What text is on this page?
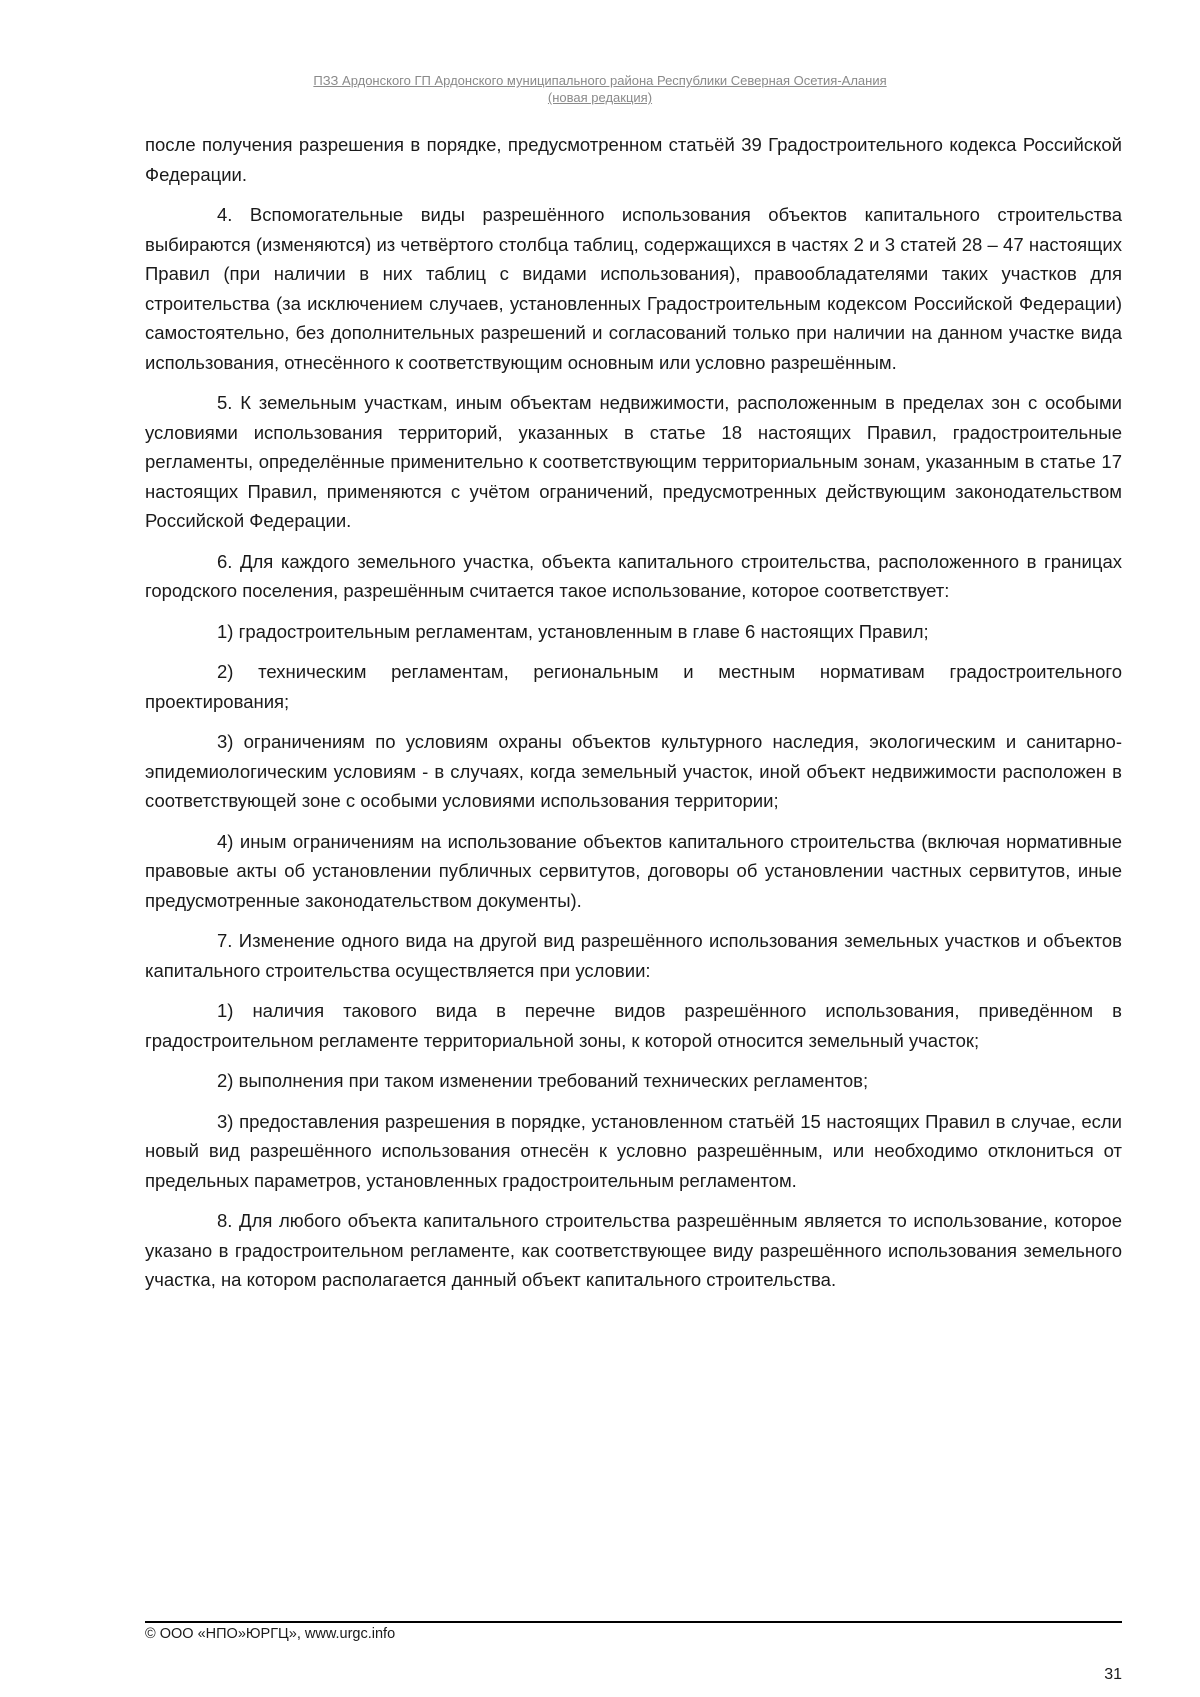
ПЗЗ Ардонского ГП Ардонского муниципального района Республики Северная Осетия-Алания
(новая редакция)

после получения разрешения в порядке, предусмотренном статьёй 39 Градостроительного кодекса Российской Федерации.

4. Вспомогательные виды разрешённого использования объектов капитального строительства выбираются (изменяются) из четвёртого столбца таблиц, содержащихся в частях 2 и 3 статей 28 – 47 настоящих Правил (при наличии в них таблиц с видами использования), правообладателями таких участков для строительства (за исключением случаев, установленных Градостроительным кодексом Российской Федерации) самостоятельно, без дополнительных разрешений и согласований только при наличии на данном участке вида использования, отнесённого к соответствующим основным или условно разрешённым.

5. К земельным участкам, иным объектам недвижимости, расположенным в пределах зон с особыми условиями использования территорий, указанных в статье 18 настоящих Правил, градостроительные регламенты, определённые применительно к соответствующим территориальным зонам, указанным в статье 17 настоящих Правил, применяются с учётом ограничений, предусмотренных действующим законодательством Российской Федерации.

6. Для каждого земельного участка, объекта капитального строительства, расположенного в границах городского поселения, разрешённым считается такое использование, которое соответствует:

1) градостроительным регламентам, установленным в главе 6 настоящих Правил;

2) техническим регламентам, региональным и местным нормативам градостроительного проектирования;

3) ограничениям по условиям охраны объектов культурного наследия, экологическим и санитарно-эпидемиологическим условиям - в случаях, когда земельный участок, иной объект недвижимости расположен в соответствующей зоне с особыми условиями использования территории;

4) иным ограничениям на использование объектов капитального строительства (включая нормативные правовые акты об установлении публичных сервитутов, договоры об установлении частных сервитутов, иные предусмотренные законодательством документы).

7. Изменение одного вида на другой вид разрешённого использования земельных участков и объектов капитального строительства осуществляется при условии:

1) наличия такового вида в перечне видов разрешённого использования, приведённом в градостроительном регламенте территориальной зоны, к которой относится земельный участок;

2) выполнения при таком изменении требований технических регламентов;

3) предоставления разрешения в порядке, установленном статьёй 15 настоящих Правил в случае, если новый вид разрешённого использования отнесён к условно разрешённым, или необходимо отклониться от предельных параметров, установленных градостроительным регламентом.

8. Для любого объекта капитального строительства разрешённым является то использование, которое указано в градостроительном регламенте, как соответствующее виду разрешённого использования земельного участка, на котором располагается данный объект капитального строительства.

© ООО «НПО»ЮРГЦ», www.urgc.info
31
